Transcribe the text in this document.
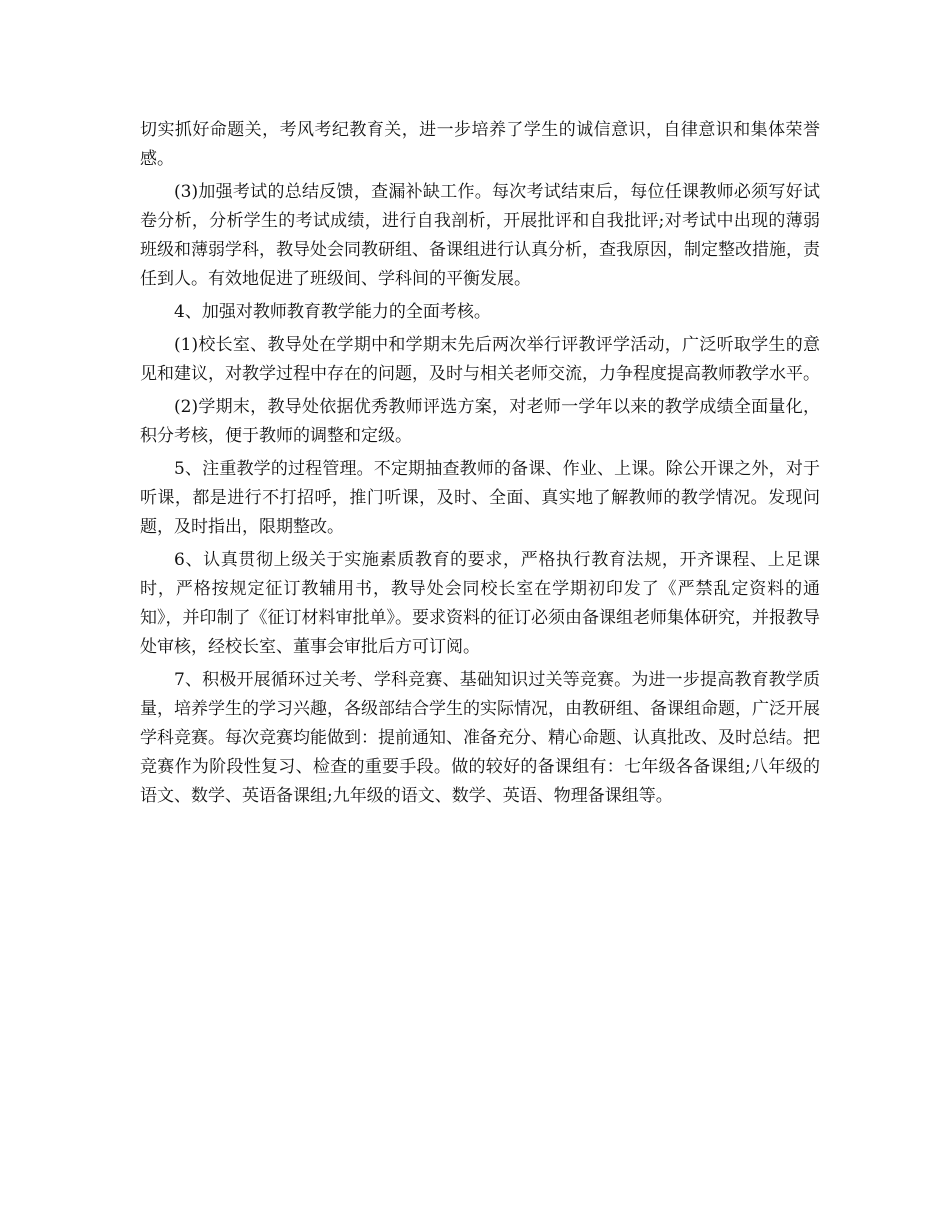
切实抓好命题关，考风考纪教育关，进一步培养了学生的诚信意识，自律意识和集体荣誉感。

(3)加强考试的总结反馈，查漏补缺工作。每次考试结束后，每位任课教师必须写好试卷分析，分析学生的考试成绩，进行自我剖析，开展批评和自我批评;对考试中出现的薄弱班级和薄弱学科，教导处会同教研组、备课组进行认真分析，查我原因，制定整改措施，责任到人。有效地促进了班级间、学科间的平衡发展。

4、加强对教师教育教学能力的全面考核。

(1)校长室、教导处在学期中和学期末先后两次举行评教评学活动，广泛听取学生的意见和建议，对教学过程中存在的问题，及时与相关老师交流，力争程度提高教师教学水平。

(2)学期末，教导处依据优秀教师评选方案，对老师一学年以来的教学成绩全面量化，积分考核，便于教师的调整和定级。

5、注重教学的过程管理。不定期抽查教师的备课、作业、上课。除公开课之外，对于听课，都是进行不打招呼，推门听课，及时、全面、真实地了解教师的教学情况。发现问题，及时指出，限期整改。

6、认真贯彻上级关于实施素质教育的要求，严格执行教育法规，开齐课程、上足课时，严格按规定征订教辅用书，教导处会同校长室在学期初印发了《严禁乱定资料的通知》，并印制了《征订材料审批单》。要求资料的征订必须由备课组老师集体研究，并报教导处审核，经校长室、董事会审批后方可订阅。

7、积极开展循环过关考、学科竞赛、基础知识过关等竞赛。为进一步提高教育教学质量，培养学生的学习兴趣，各级部结合学生的实际情况，由教研组、备课组命题，广泛开展学科竞赛。每次竞赛均能做到：提前通知、准备充分、精心命题、认真批改、及时总结。把竞赛作为阶段性复习、检查的重要手段。做的较好的备课组有：七年级各备课组;八年级的语文、数学、英语备课组;九年级的语文、数学、英语、物理备课组等。
